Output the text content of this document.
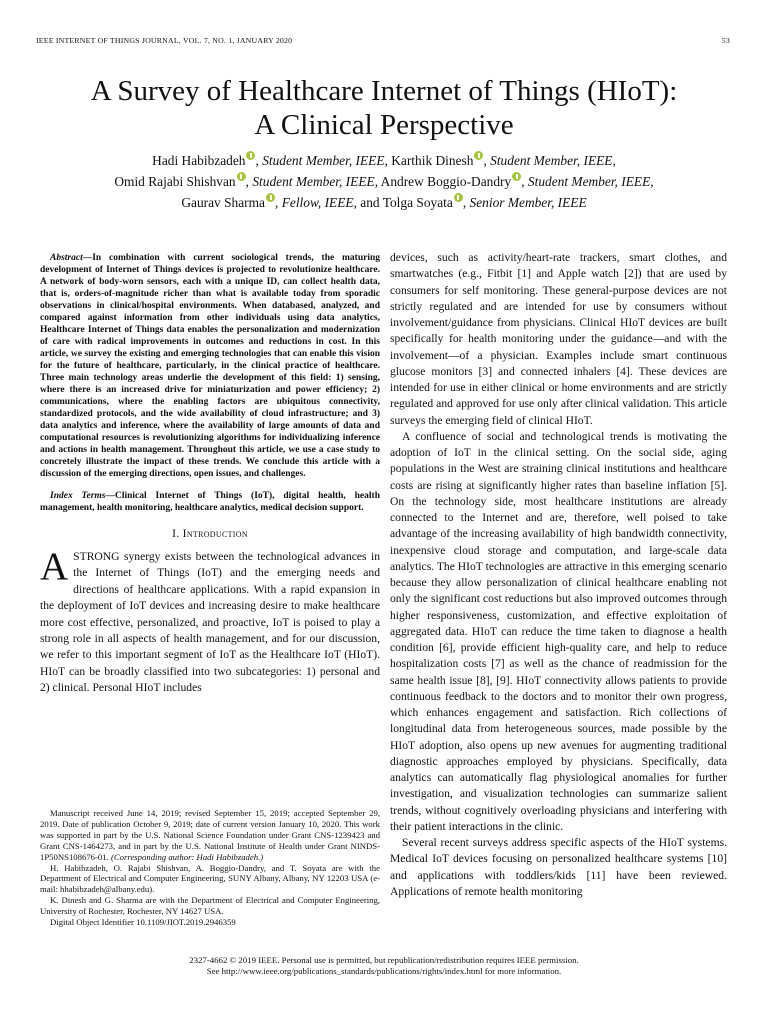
IEEE INTERNET OF THINGS JOURNAL, VOL. 7, NO. 1, JANUARY 2020	53
A Survey of Healthcare Internet of Things (HIoT):
A Clinical Perspective
Hadi Habibzadeh , Student Member, IEEE, Karthik Dinesh , Student Member, IEEE,
Omid Rajabi Shishvan , Student Member, IEEE, Andrew Boggio-Dandry , Student Member, IEEE,
Gaurav Sharma , Fellow, IEEE, and Tolga Soyata , Senior Member, IEEE

Abstract—In combination with current sociological trends, the maturing development of Internet of Things devices is projected to revolutionize healthcare. A network of body-worn sensors, each with a unique ID, can collect health data, that is, orders-of-magnitude richer than what is available today from sporadic observations in clinical/hospital environments. When databased, analyzed, and compared against information from other individuals using data analytics, Healthcare Internet of Things data enables the personalization and modernization of care with radical improvements in outcomes and reductions in cost. In this article, we survey the existing and emerging technologies that can enable this vision for the future of healthcare, particularly, in the clinical practice of healthcare. Three main technology areas underlie the development of this field: 1) sensing, where there is an increased drive for miniaturization and power efficiency; 2) communications, where the enabling factors are ubiquitous connectivity, standardized protocols, and the wide availability of cloud infrastructure; and 3) data analytics and inference, where the availability of large amounts of data and computational resources is revolutionizing algorithms for individualizing inference and actions in health management. Throughout this article, we use a case study to concretely illustrate the impact of these trends. We conclude this article with a discussion of the emerging directions, open issues, and challenges.

Index Terms—Clinical Internet of Things (IoT), digital health, health management, health monitoring, healthcare analytics, medical decision support.

I. Introduction

ASTRONG synergy exists between the technological advances in the Internet of Things (IoT) and the emerging needs and directions of healthcare applications. With a rapid expansion in the deployment of IoT devices and increasing desire to make healthcare more cost effective, personalized, and proactive, IoT is poised to play a strong role in all aspects of health management, and for our discussion, we refer to this important segment of IoT as the Healthcare IoT (HIoT). HIoT can be broadly classified into two subcategories: 1) personal and 2) clinical. Personal HIoT includes

Manuscript received June 14, 2019; revised September 15, 2019; accepted September 29, 2019. Date of publication October 9, 2019; date of current version January 10, 2020. This work was supported in part by the U.S. National Science Foundation under Grant CNS-1239423 and Grant CNS-1464273, and in part by the U.S. National Institute of Health under Grant NINDS-1P50NS108676-01. (Corresponding author: Hadi Habibzadeh.)

H. Habibzadeh, O. Rajabi Shishvan, A. Boggio-Dandry, and T. Soyata are with the Department of Electrical and Computer Engineering, SUNY Albany, Albany, NY 12203 USA (e-mail: hhabibzadeh@albany.edu).

K. Dinesh and G. Sharma are with the Department of Electrical and Computer Engineering, University of Rochester, Rochester, NY 14627 USA.

Digital Object Identifier 10.1109/JIOT.2019.2946359

devices, such as activity/heart-rate trackers, smart clothes, and smartwatches (e.g., Fitbit [1] and Apple watch [2]) that are used by consumers for self monitoring. These general-purpose devices are not strictly regulated and are intended for use by consumers without involvement/guidance from physicians. Clinical HIoT devices are built specifically for health monitoring under the guidance—and with the involvement—of a physician. Examples include smart continuous glucose monitors [3] and connected inhalers [4]. These devices are intended for use in either clinical or home environments and are strictly regulated and approved for use only after clinical validation. This article surveys the emerging field of clinical HIoT.

A confluence of social and technological trends is motivating the adoption of IoT in the clinical setting. On the social side, aging populations in the West are straining clinical institutions and healthcare costs are rising at significantly higher rates than baseline inflation [5]. On the technology side, most healthcare institutions are already connected to the Internet and are, therefore, well poised to take advantage of the increasing availability of high bandwidth connectivity, inexpensive cloud storage and computation, and large-scale data analytics. The HIoT technologies are attractive in this emerging scenario because they allow personalization of clinical healthcare enabling not only the significant cost reductions but also improved outcomes through higher responsiveness, customization, and effective exploitation of aggregated data. HIoT can reduce the time taken to diagnose a health condition [6], provide efficient high-quality care, and help to reduce hospitalization costs [7] as well as the chance of readmission for the same health issue [8], [9]. HIoT connectivity allows patients to provide continuous feedback to the doctors and to monitor their own progress, which enhances engagement and satisfaction. Rich collections of longitudinal data from heterogeneous sources, made possible by the HIoT adoption, also opens up new avenues for augmenting traditional diagnostic approaches employed by physicians. Specifically, data analytics can automatically flag physiological anomalies for further investigation, and visualization technologies can summarize salient trends, without cognitively overloading physicians and interfering with their patient interactions in the clinic.

Several recent surveys address specific aspects of the HIoT systems. Medical IoT devices focusing on personalized healthcare systems [10] and applications with toddlers/kids [11] have been reviewed. Applications of remote health monitoring

2327-4662 © 2019 IEEE. Personal use is permitted, but republication/redistribution requires IEEE permission.
See http://www.ieee.org/publications_standards/publications/rights/index.html for more information.
